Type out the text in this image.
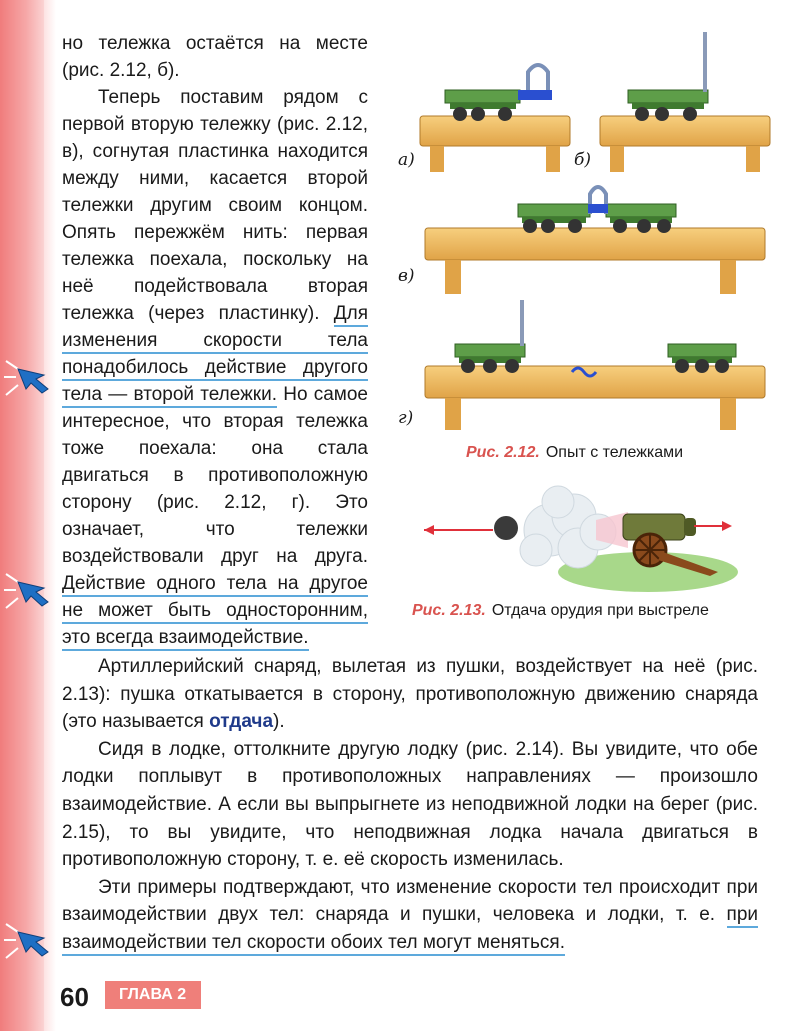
но тележка остаётся на месте (рис. 2.12, б).

Теперь поставим рядом с первой вторую тележку (рис. 2.12, в), согнутая пластинка находится между ними, касается второй тележки другим своим концом. Опять пережжём нить: первая тележка поехала, поскольку на неё подействовала вторая тележка (через пластинку). Для изменения скорости тела понадобилось действие другого тела — второй тележки. Но самое интересное, что вторая тележка тоже поехала: она стала двигаться в противоположную сторону (рис. 2.12, г). Это означает, что тележки воздействовали друг на друга. Действие одного тела на другое не может быть односторонним, это всегда взаимодействие.

а)	б)
в)
г)
Рис. 2.12. Опыт с тележками
Рис. 2.13. Отдача орудия при выстреле

Артиллерийский снаряд, вылетая из пушки, воздействует на неё (рис. 2.13): пушка откатывается в сторону, противоположную движению снаряда (это называется отдача).

Сидя в лодке, оттолкните другую лодку (рис. 2.14). Вы увидите, что обе лодки поплывут в противоположных направлениях — произошло взаимодействие. А если вы выпрыгнете из неподвижной лодки на берег (рис. 2.15), то вы увидите, что неподвижная лодка начала двигаться в противоположную сторону, т. е. её скорость изменилась.

Эти примеры подтверждают, что изменение скорости тел происходит при взаимодействии двух тел: снаряда и пушки, человека и лодки, т. е. при взаимодействии тел скорости обоих тел могут меняться.

60	ГЛАВА 2
